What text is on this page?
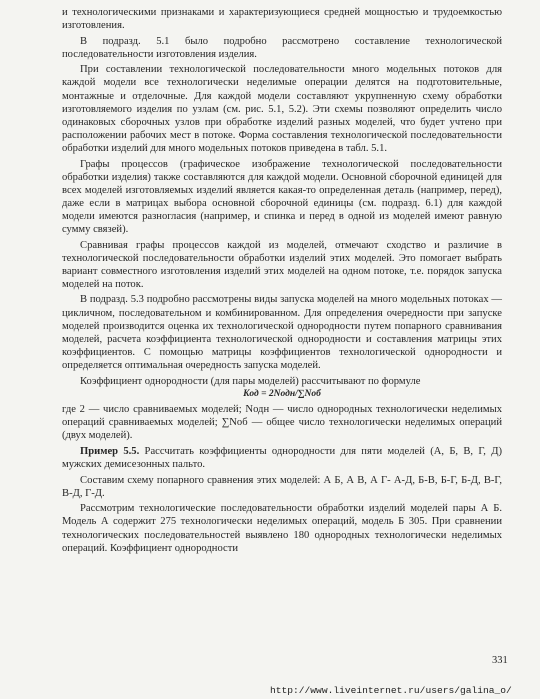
и технологическими признаками и характеризующиеся средней мощностью и трудоемкостью изготовления.

В подразд. 5.1 было подробно рассмотрено составление технологической последовательности изготовления изделия.

При составлении технологической последовательности много модельных потоков для каждой модели все технологически неделимые операции делятся на подготовительные, монтажные и отделочные. Для каждой модели составляют укрупненную схему обработки изготовляемого изделия по узлам (см. рис. 5.1, 5.2). Эти схемы позволяют определить число одинаковых сборочных узлов при обработке изделий разных моделей, что будет учтено при расположении рабочих мест в потоке. Форма составления технологической последовательности обработки изделий для много модельных потоков приведена в табл. 5.1.

Графы процессов (графическое изображение технологической последовательности обработки изделия) также составляются для каждой модели. Основной сборочной единицей для всех моделей изготовляемых изделий является какая-то определенная деталь (например, перед), даже если в матрицах выбора основной сборочной единицы (см. подразд. 6.1) для каждой модели имеются разногласия (например, и спинка и перед в одной из моделей имеют равную сумму связей).

Сравнивая графы процессов каждой из моделей, отмечают сходство и различие в технологической последовательности обработки изделий этих моделей. Это помогает выбрать вариант совместного изготовления изделий этих моделей на одном потоке, т.е. порядок запуска моделей на поток.

В подразд. 5.3 подробно рассмотрены виды запуска моделей на много модельных потоках — цикличном, последовательном и комбинированном. Для определения очередности при запуске моделей производится оценка их технологической однородности путем попарного сравнивания моделей, расчета коэффициента технологической однородности и составления матрицы этих коэффициентов. С помощью матрицы коэффициентов технологической однородности и определяется оптимальная очередность запуска моделей.

Коэффициент однородности (для пары моделей) рассчитывают по формуле

Kод = 2Nодн/∑Nоб

где 2 — число сравниваемых моделей; Nодн — число однородных технологически неделимых операций сравниваемых моделей; ∑Nоб — общее число технологически неделимых операций (двух моделей).

Пример 5.5. Рассчитать коэффициенты однородности для пяти моделей (А, Б, В, Г, Д) мужских демисезонных пальто.

Составим схему попарного сравнения этих моделей: А Б, А В, А Г- А-Д, Б-В, Б-Г, Б-Д, В-Г, В-Д, Г-Д.

Рассмотрим технологические последовательности обработки изделий моделей пары А Б. Модель А содержит 275 технологически неделимых операций, модель Б 305. При сравнении технологических последовательностей выявлено 180 однородных технологически неделимых операций. Коэффициент однородности

331
http://www.liveinternet.ru/users/galina_o/
